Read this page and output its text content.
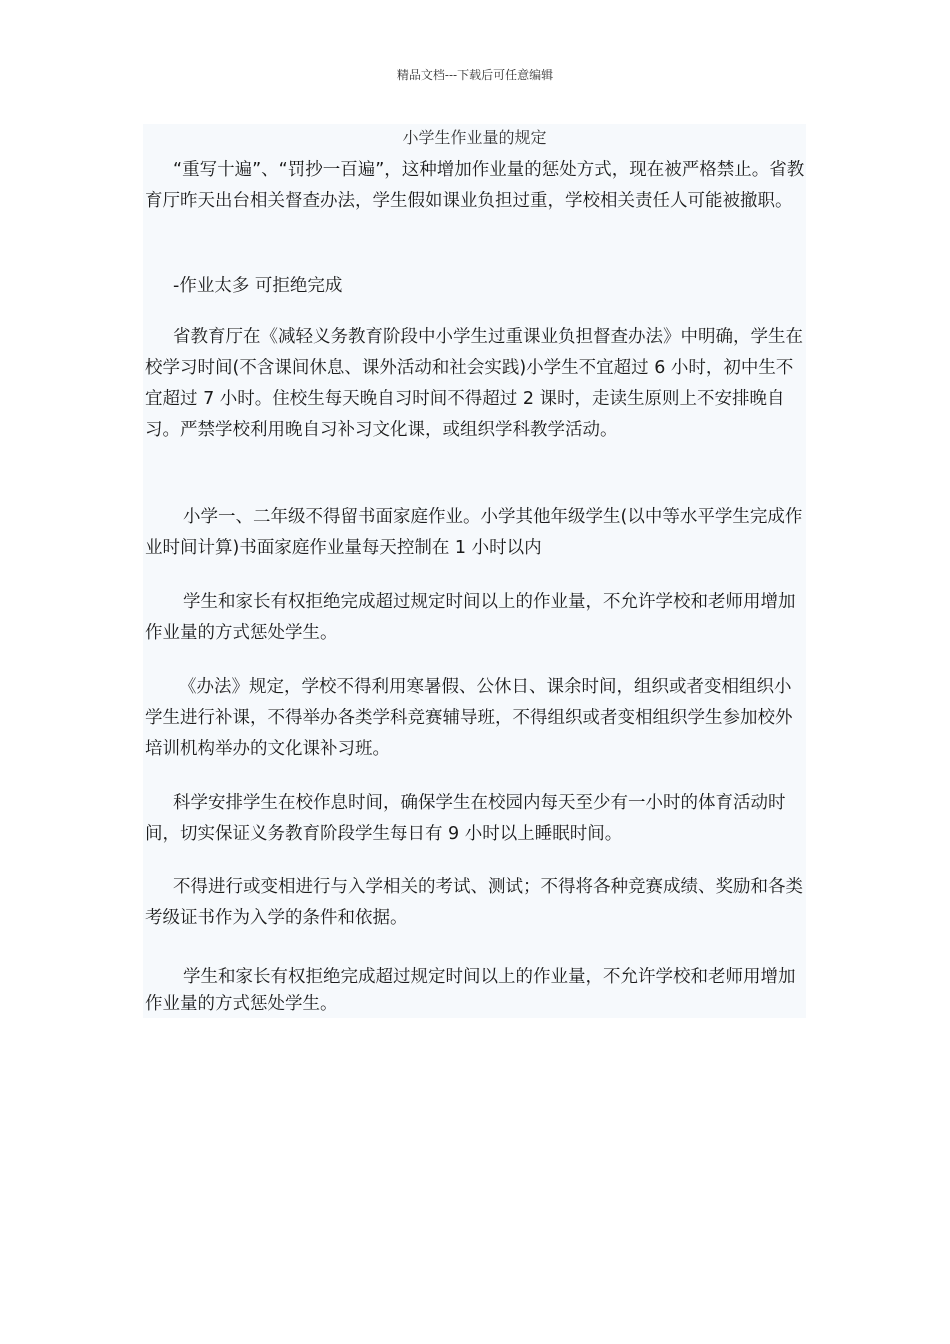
精品文档---下载后可任意编辑
小学生作业量的规定

“重写十遍”、“罚抄一百遍”，这种增加作业量的惩处方式，现在被严格禁止。省教育厅昨天出台相关督查办法，学生假如课业负担过重，学校相关责任人可能被撤职。

-作业太多 可拒绝完成

省教育厅在《减轻义务教育阶段中小学生过重课业负担督查办法》中明确，学生在校学习时间(不含课间休息、课外活动和社会实践)小学生不宜超过 6 小时，初中生不宜超过 7 小时。住校生每天晚自习时间不得超过 2 课时，走读生原则上不安排晚自习。严禁学校利用晚自习补习文化课，或组织学科教学活动。

小学一、二年级不得留书面家庭作业。小学其他年级学生(以中等水平学生完成作业时间计算)书面家庭作业量每天控制在 1 小时以内

学生和家长有权拒绝完成超过规定时间以上的作业量，不允许学校和老师用增加作业量的方式惩处学生。

《办法》规定，学校不得利用寒暑假、公休日、课余时间，组织或者变相组织小学生进行补课，不得举办各类学科竞赛辅导班，不得组织或者变相组织学生参加校外培训机构举办的文化课补习班。

科学安排学生在校作息时间，确保学生在校园内每天至少有一小时的体育活动时间，切实保证义务教育阶段学生每日有 9 小时以上睡眠时间。

不得进行或变相进行与入学相关的考试、测试；不得将各种竞赛成绩、奖励和各类考级证书作为入学的条件和依据。

学生和家长有权拒绝完成超过规定时间以上的作业量，不允许学校和老师用增加作业量的方式惩处学生。
